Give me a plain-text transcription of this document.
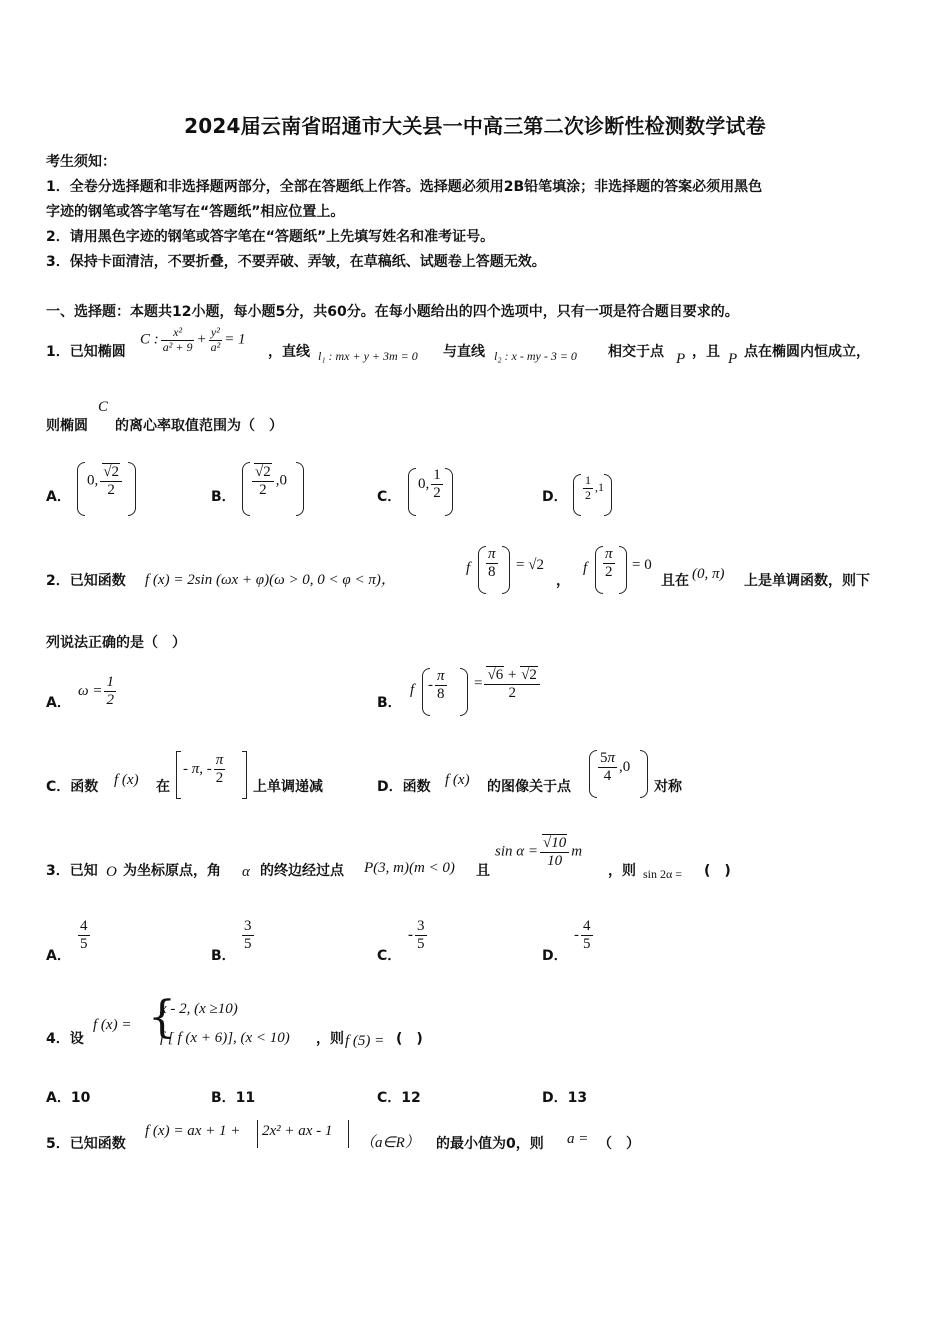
2024届云南省昭通市大关县一中高三第二次诊断性检测数学试卷

考生须知：

1．全卷分选择题和非选择题两部分，全部在答题纸上作答。选择题必须用2B铅笔填涂；非选择题的答案必须用黑色

字迹的钢笔或答字笔写在“答题纸”相应位置上。

2．请用黑色字迹的钢笔或答字笔在“答题纸”上先填写姓名和准考证号。

3．保持卡面清洁，不要折叠，不要弄破、弄皱，在草稿纸、试题卷上答题无效。

一、选择题：本题共12小题，每小题5分，共60分。在每小题给出的四个选项中，只有一项是符合题目要求的。
1．已知椭圆
C : $\frac{\text{x²}}{\text{a² + 9}} + \frac{\text{y²}}{\text{a²}} = 1$
，直线 l₁ : mx + y + 3m = 0 与直线 l₂ : x - my - 3 = 0 相交于点 P ，且 P 点在椭圆内恒成立，
则椭圆
C
的离心率取值范围为（　）
A．
0, $\frac{√2}{2}$	B． $\frac{√2}{2} ,0$
C．
0, $\frac{1}{2}$	D． $\frac{1}{2} ,1$
2．已知函数 f (x) = 2sin (ωx + φ)(ω > 0, 0 < φ < π)，
f $\frac{\pi}{8} = √2$
，
f $\frac{\pi}{2} = 0$
且在 (0, π) 上是单调函数，则下
列说法正确的是（　）
A．
$\omega = \frac{1}{2}$	B．
$f - \frac{\pi}{8} = \frac{√6 + √2}{2}$
C．函数 f (x) 在
- π, - $\frac{\pi}{2}$ 上单调递减	D．函数 f (x) 的图像关于点
$\frac{5\pi}{4} ,0$
对称
3．已知 O 为坐标原点，角 α 的终边经过点 P(3, m)(m < 0) 且
$\sin \alpha = \frac{√10}{10}$ m
，则 sin 2α = (　)
A．
$\frac{4}{5}$
B．
$\frac{3}{5}$
C．
- $\frac{3}{5}$
D．
- $\frac{4}{5}$
4．设
f (x) = {
x - 2, (x ≥10)
f [ f (x + 6)], (x < 10) ，则 f (5) = (　)
A．10	B．11	C．12	D．13
5．已知函数
f (x) = ax + 1 + 2x² + ax - 1
（a∈R） 的最小值为0，则 a = （　）
